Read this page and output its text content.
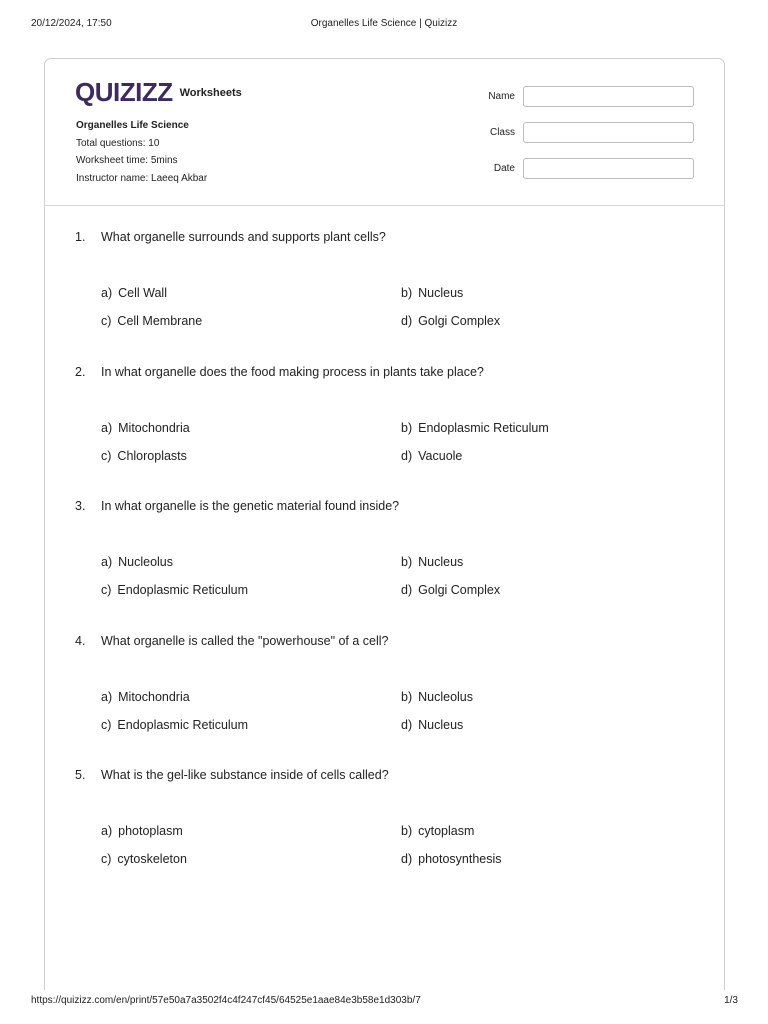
20/12/2024, 17:50	Organelles Life Science | Quizizz
QUIZIZZ Worksheets
Organelles Life Science
Total questions: 10
Worksheet time: 5mins
Instructor name: Laeeq Akbar
Name
Class
Date
1. What organelle surrounds and supports plant cells?
a) Cell Wall	b) Nucleus
c) Cell Membrane	d) Golgi Complex
2. In what organelle does the food making process in plants take place?
a) Mitochondria	b) Endoplasmic Reticulum
c) Chloroplasts	d) Vacuole
3. In what organelle is the genetic material found inside?
a) Nucleolus	b) Nucleus
c) Endoplasmic Reticulum	d) Golgi Complex
4. What organelle is called the "powerhouse" of a cell?
a) Mitochondria	b) Nucleolus
c) Endoplasmic Reticulum	d) Nucleus
5. What is the gel-like substance inside of cells called?
a) photoplasm	b) cytoplasm
c) cytoskeleton	d) photosynthesis
https://quizizz.com/en/print/57e50a7a3502f4c4f247cf45/64525e1aae84e3b58e1d303b/7	1/3
